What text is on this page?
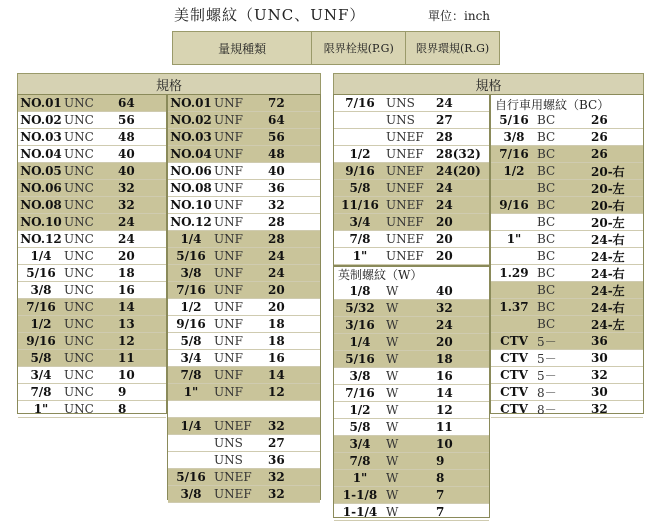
美制螺紋（UNC、UNF）	單位：inch
量規種類	限界栓規(P.G)	限界環規(R.G)
規格	規格
NO.01 UNC	64
NO.02 UNC	56
NO.03 UNC	48
NO.04 UNC	40
NO.05 UNC	40
NO.06 UNC	32
NO.08 UNC	32
NO.10 UNC	24
NO.12 UNC	24
1/4	UNC	20
5/16 UNC	18
3/8	UNC	16
7/16 UNC	14
1/2	UNC	13
9/16 UNC	12
5/8	UNC	11
3/4	UNC	10
7/8	UNC	9
1"	UNC	8
NO.01 UNF	72
NO.02 UNF	64
NO.03 UNF	56
NO.04 UNF	48
NO.06 UNF	40
NO.08 UNF	36
NO.10 UNF	32
NO.12 UNF	28
1/4	UNF	28
5/16 UNF	24
3/8	UNF	24
7/16 UNF	20
1/2	UNF	20
9/16 UNF	18
5/8	UNF	18
3/4	UNF	16
7/8	UNF	14
1"	UNF	12
1/4	UNEF	32
UNS	27
UNS	36
5/16 UNEF	32
3/8	UNEF	32
7/16 UNS	24
UNS	27
UNEF	28
1/2	UNEF	28(32)
9/16 UNEF	24(20)
5/8	UNEF	24
11/16 UNEF	24
3/4	UNEF	20
7/8	UNEF	20
1"	UNEF	20
英制螺紋（W）
1/8	W	40
5/32 W	32
3/16 W	24
1/4	W	20
5/16 W	18
3/8	W	16
7/16 W	14
1/2	W	12
5/8	W	11
3/4	W	10
7/8	W	9
1"	W	8
1-1/8 W	7
1-1/4 W	7
自行車用螺紋（BC）
5/16 BC	26
3/8	BC	26
7/16 BC	26
1/2	BC	20-右
BC	20-左
9/16 BC	20-右
BC	20-左
1"	BC	24-右
BC	24-左
1.29 BC	24-右
BC	24-左
1.37 BC	24-右
BC	24-左
CTV 5－	36
CTV 5－	30
CTV 5－	32
CTV 8－	30
CTV 8－	32
